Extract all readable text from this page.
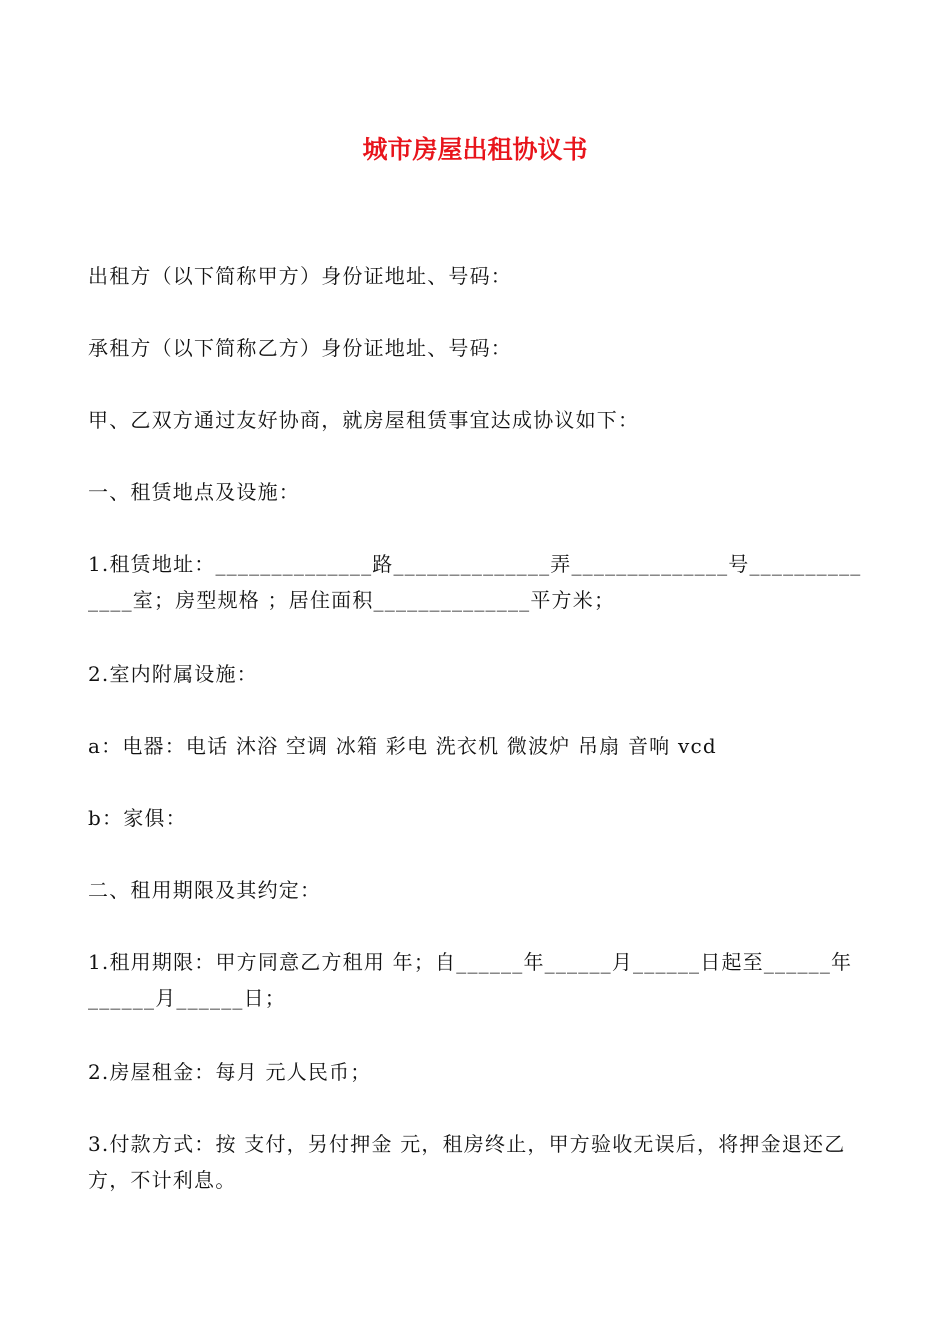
城市房屋出租协议书
出租方（以下简称甲方）身份证地址、号码：
承租方（以下简称乙方）身份证地址、号码：
甲、乙双方通过友好协商，就房屋租赁事宜达成协议如下：
一、租赁地点及设施：
1.租赁地址：______________路______________弄______________号______________室；房型规格 ；居住面积______________平方米；
2.室内附属设施：
a：电器：电话 沐浴 空调 冰箱 彩电 洗衣机 微波炉 吊扇 音响 vcd
b：家俱：
二、租用期限及其约定：
1.租用期限：甲方同意乙方租用 年；自______年______月______日起至______年______月______日；
2.房屋租金：每月 元人民币；
3.付款方式：按 支付，另付押金 元，租房终止，甲方验收无误后，将押金退还乙方，不计利息。
